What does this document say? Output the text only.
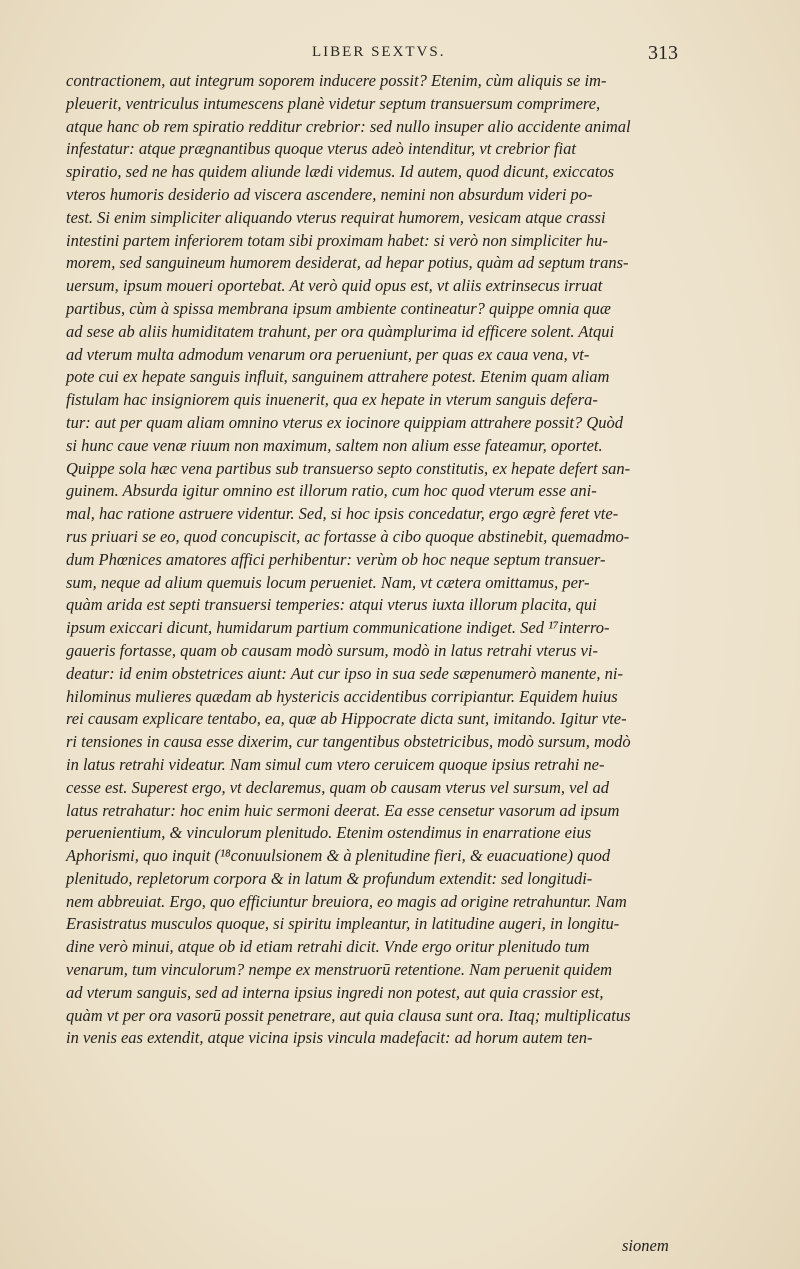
LIBER SEXTVS.	313
contractionem, aut integrum soporem inducere possit? Etenim, cùm aliquis se im-
pleuerit, ventriculus intumescens planè videtur septum transuersum comprimere,
atque hanc ob rem spiratio redditur crebrior: sed nullo insuper alio accidente animal
infestatur: atque prægnantibus quoque vterus adeò intenditur, vt crebrior fiat
spiratio, sed ne has quidem aliunde lædi videmus. Id autem, quod dicunt, exiccatos
vteros humoris desiderio ad viscera ascendere, nemini non absurdum videri po-
test. Si enim simpliciter aliquando vterus requirat humorem, vesicam atque crassi
intestini partem inferiorem totam sibi proximam habet: si verò non simpliciter hu-
morem, sed sanguineum humorem desiderat, ad hepar potius, quàm ad septum trans-
uersum, ipsum moueri oportebat. At verò quid opus est, vt aliis extrinsecus irruat
partibus, cùm à spissa membrana ipsum ambiente contineatur? quippe omnia quæ
ad sese ab aliis humiditatem trahunt, per ora quàmplurima id efficere solent. Atqui
ad vterum multa admodum venarum ora perueniunt, per quas ex caua vena, vt-
pote cui ex hepate sanguis influit, sanguinem attrahere potest. Etenim quam aliam
fistulam hac insigniorem quis inuenerit, qua ex hepate in vterum sanguis defera-
tur: aut per quam aliam omnino vterus ex iocinore quippiam attrahere possit? Quòd
si hunc caue venæ riuum non maximum, saltem non alium esse fateamur, oportet.
Quippe sola hæc vena partibus sub transuerso septo constitutis, ex hepate defert san-
guinem. Absurda igitur omnino est illorum ratio, cum hoc quod vterum esse ani-
mal, hac ratione astruere videntur. Sed, si hoc ipsis concedatur, ergo ægrè feret vte-
rus priuari se eo, quod concupiscit, ac fortasse à cibo quoque abstinebit, quemadmo-
dum Phœnices amatores affici perhibentur: verùm ob hoc neque septum transuer-
sum, neque ad alium quemuis locum perueniet. Nam, vt cætera omittamus, per-
quàm arida est septi transuersi temperies: atqui vterus iuxta illorum placita, qui
ipsum exiccari dicunt, humidarum partium communicatione indiget. Sed ¹⁷interro-
gaueris fortasse, quam ob causam modò sursum, modò in latus retrahi vterus vi-
deatur: id enim obstetrices aiunt: Aut cur ipso in sua sede sæpenumerò manente, ni-
hilominus mulieres quædam ab hystericis accidentibus corripiantur. Equidem huius
rei causam explicare tentabo, ea, quæ ab Hippocrate dicta sunt, imitando. Igitur vte-
ri tensiones in causa esse dixerim, cur tangentibus obstetricibus, modò sursum, modò
in latus retrahi videatur. Nam simul cum vtero ceruicem quoque ipsius retrahi ne-
cesse est. Superest ergo, vt declaremus, quam ob causam vterus vel sursum, vel ad
latus retrahatur: hoc enim huic sermoni deerat. Ea esse censetur vasorum ad ipsum
peruenientium, & vinculorum plenitudo. Etenim ostendimus in enarratione eius
Aphorismi, quo inquit (¹⁸conuulsionem & à plenitudine fieri, & euacuatione) quod
plenitudo, repletorum corpora & in latum & profundum extendit: sed longitudi-
nem abbreuiat. Ergo, quo efficiuntur breuiora, eo magis ad origine retrahuntur. Nam
Erasistratus musculos quoque, si spiritu impleantur, in latitudine augeri, in longitu-
dine verò minui, atque ob id etiam retrahi dicit. Vnde ergo oritur plenitudo tum
venarum, tum vinculorum? nempe ex menstruorū retentione. Nam peruenit quidem
ad vterum sanguis, sed ad interna ipsius ingredi non potest, aut quia crassior est,
quàm vt per ora vasorū possit penetrare, aut quia clausa sunt ora. Itaq; multiplicatus
in venis eas extendit, atque vicina ipsis vincula madefacit: ad horum autem ten-
sionem
